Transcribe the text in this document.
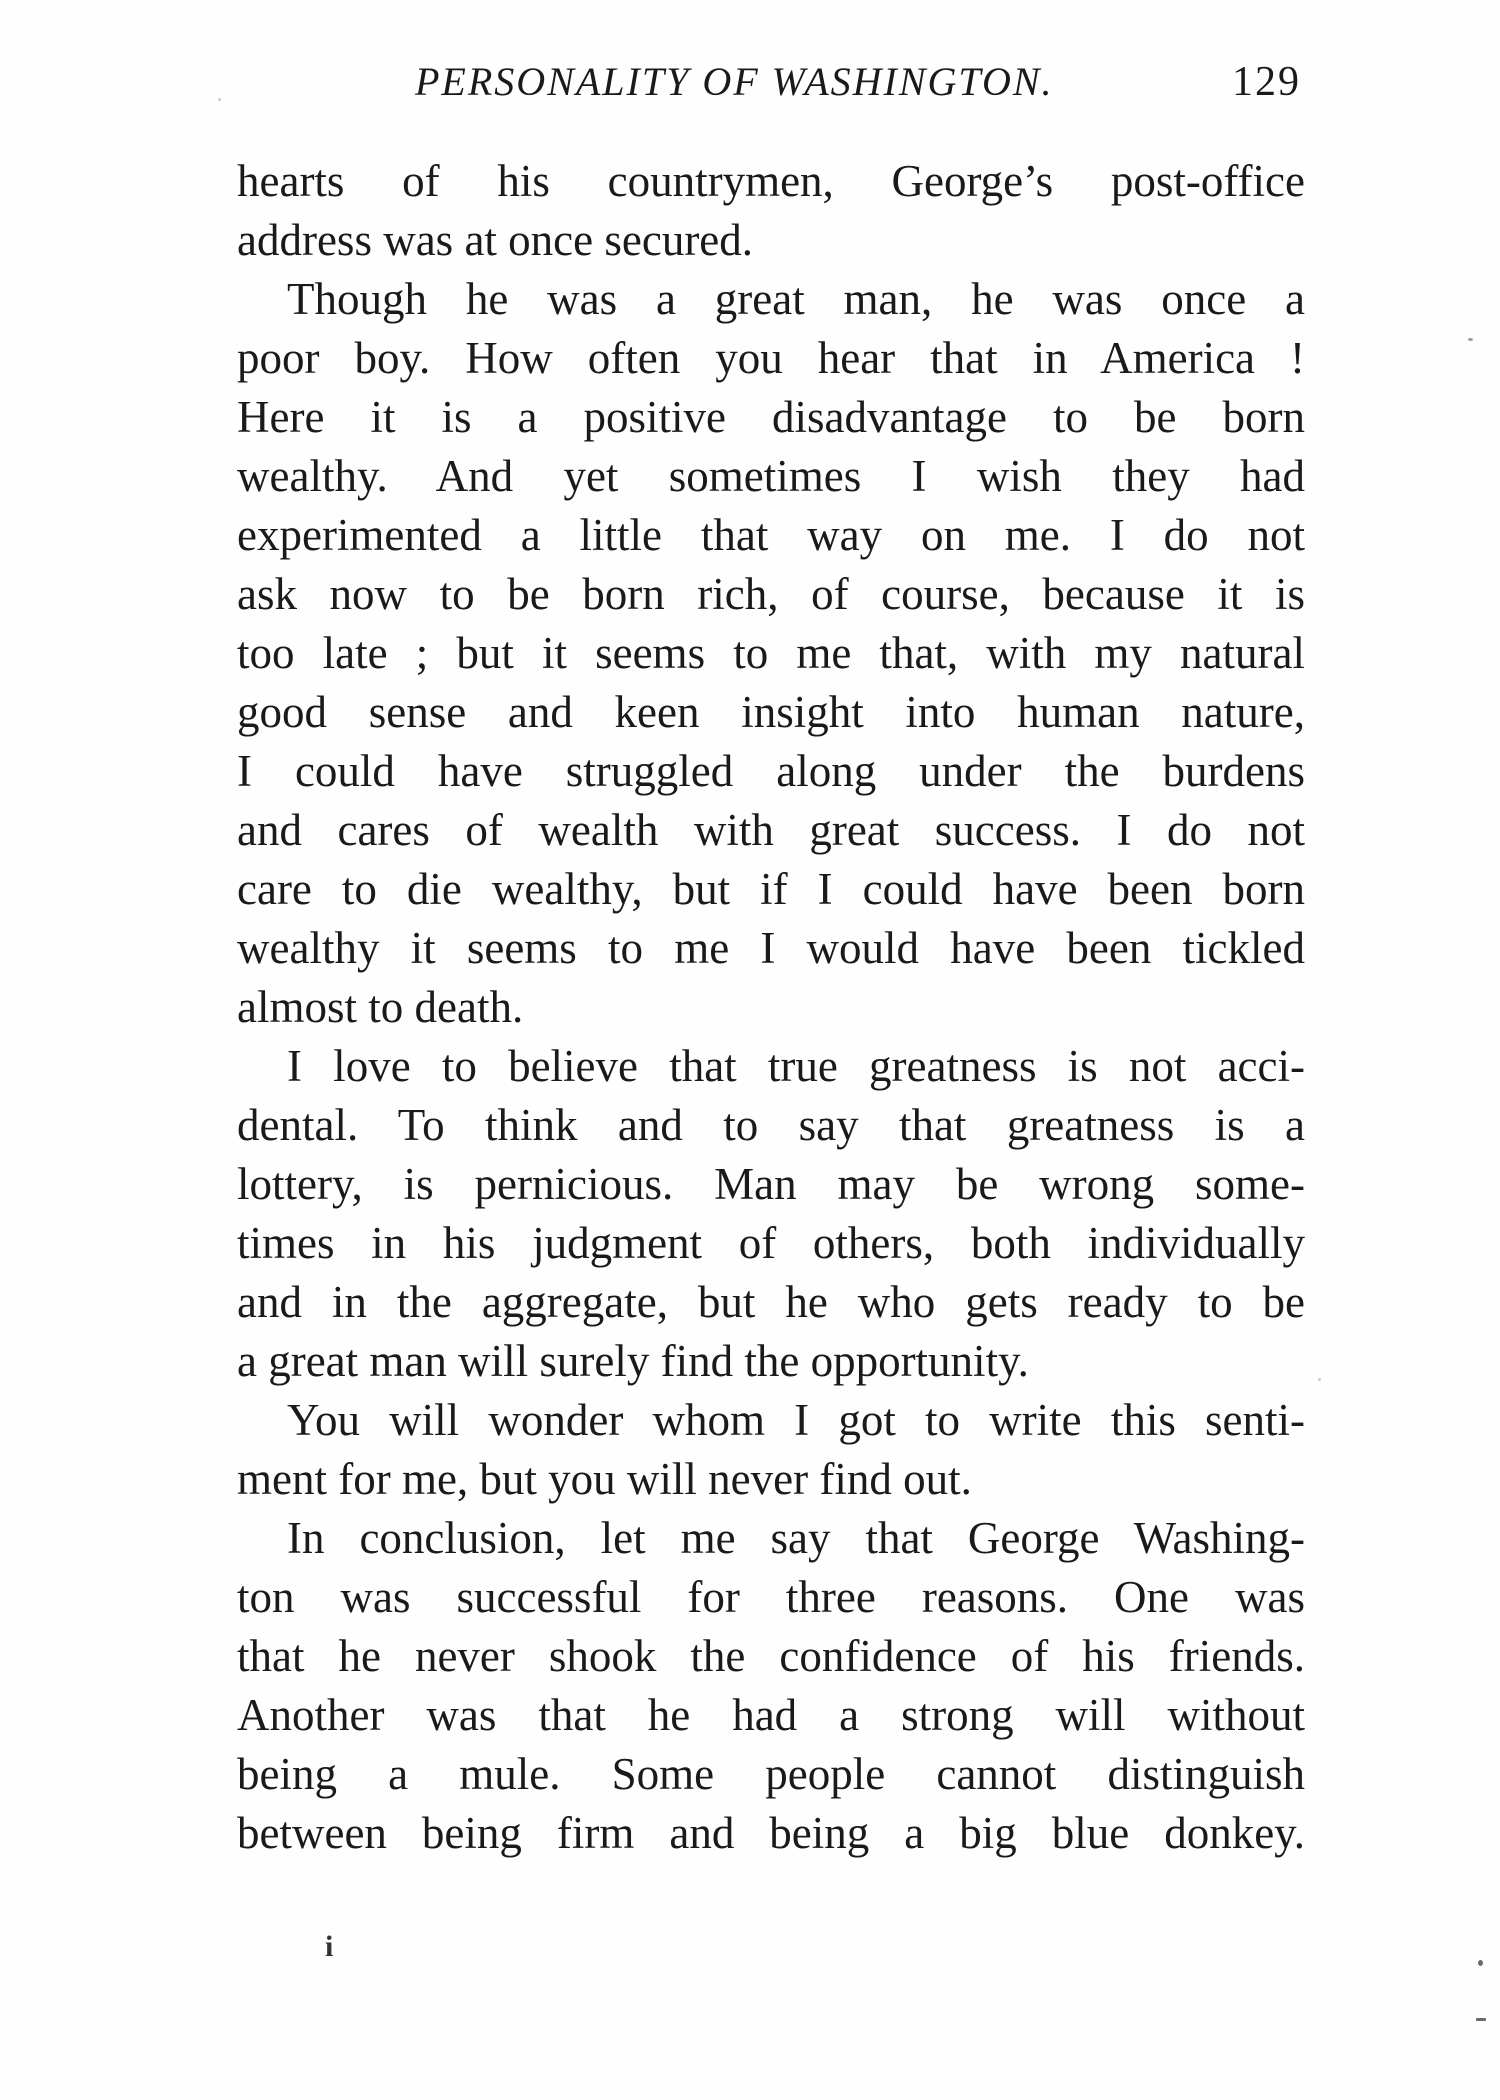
PERSONALITY OF WASHINGTON.	129
hearts of his countrymen, George’s post-office
address was at once secured.
Though he was a great man, he was once a
poor boy. How often you hear that in America !
Here it is a positive disadvantage to be born
wealthy. And yet sometimes I wish they had
experimented a little that way on me. I do not
ask now to be born rich, of course, because it is
too late ; but it seems to me that, with my natural
good sense and keen insight into human nature,
I could have struggled along under the burdens
and cares of wealth with great success. I do not
care to die wealthy, but if I could have been born
wealthy it seems to me I would have been tickled
almost to death.
I love to believe that true greatness is not acci-
dental. To think and to say that greatness is a
lottery, is pernicious. Man may be wrong some-
times in his judgment of others, both individually
and in the aggregate, but he who gets ready to be
a great man will surely find the opportunity.
You will wonder whom I got to write this senti-
ment for me, but you will never find out.
In conclusion, let me say that George Washing-
ton was successful for three reasons. One was
that he never shook the confidence of his friends.
Another was that he had a strong will without
being a mule. Some people cannot distinguish
between being firm and being a big blue donkey.
i
